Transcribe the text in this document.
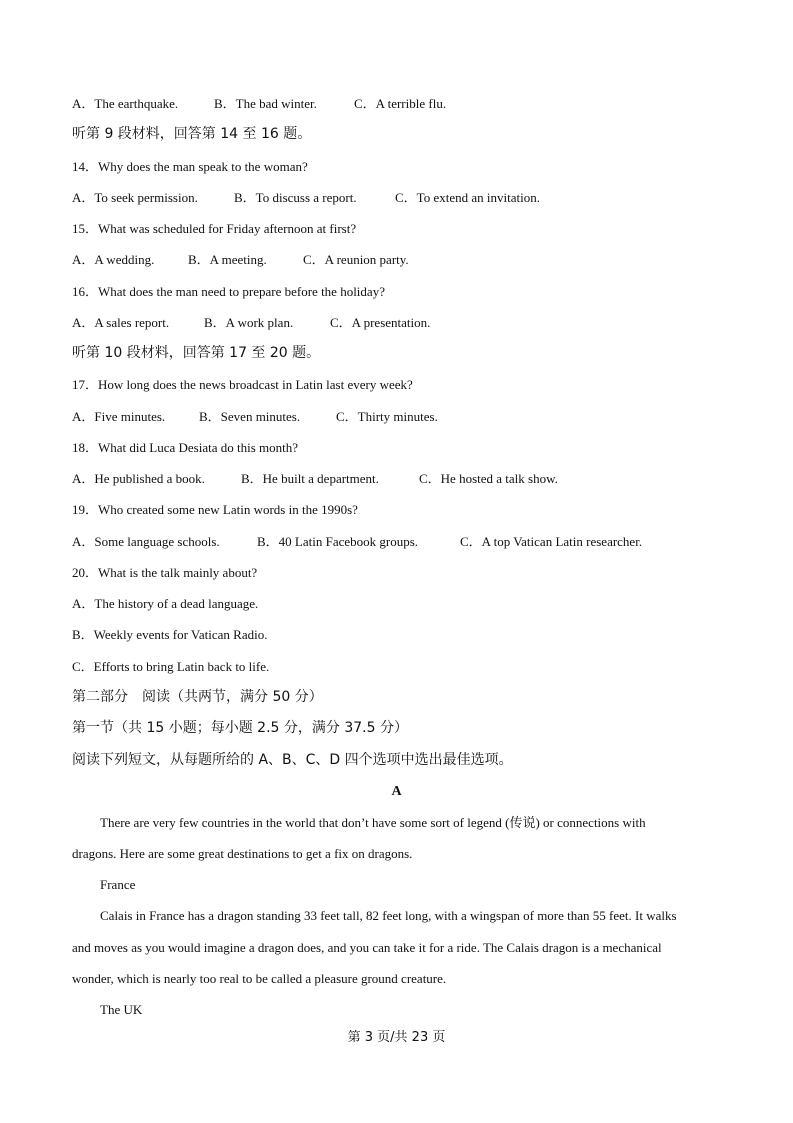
A．The earthquake.	B．The bad winter.	C．A terrible flu.
听第 9 段材料，回答第 14 至 16 题。
14．Why does the man speak to the woman?
A．To seek permission.	B．To discuss a report.	C．To extend an invitation.
15．What was scheduled for Friday afternoon at first?
A．A wedding.	B．A meeting.	C．A reunion party.
16．What does the man need to prepare before the holiday?
A．A sales report.	B．A work plan.	C．A presentation.
听第 10 段材料，回答第 17 至 20 题。
17．How long does the news broadcast in Latin last every week?
A．Five minutes.	B．Seven minutes.	C．Thirty minutes.
18．What did Luca Desiata do this month?
A．He published a book.	B．He built a department.	C．He hosted a talk show.
19．Who created some new Latin words in the 1990s?
A．Some language schools.	B．40 Latin Facebook groups.	C．A top Vatican Latin researcher.
20．What is the talk mainly about?
A．The history of a dead language.
B．Weekly events for Vatican Radio.
C．Efforts to bring Latin back to life.
第二部分　阅读（共两节，满分 50 分）
第一节（共 15 小题；每小题 2.5 分，满分 37.5 分）
阅读下列短文，从每题所给的 A、B、C、D 四个选项中选出最佳选项。
A
There are very few countries in the world that don’t have some sort of legend (传说) or connections with
dragons. Here are some great destinations to get a fix on dragons.
France
Calais in France has a dragon standing 33 feet tall, 82 feet long, with a wingspan of more than 55 feet. It walks
and moves as you would imagine a dragon does, and you can take it for a ride. The Calais dragon is a mechanical
wonder, which is nearly too real to be called a pleasure ground creature.
The UK
第 3 页/共 23 页
